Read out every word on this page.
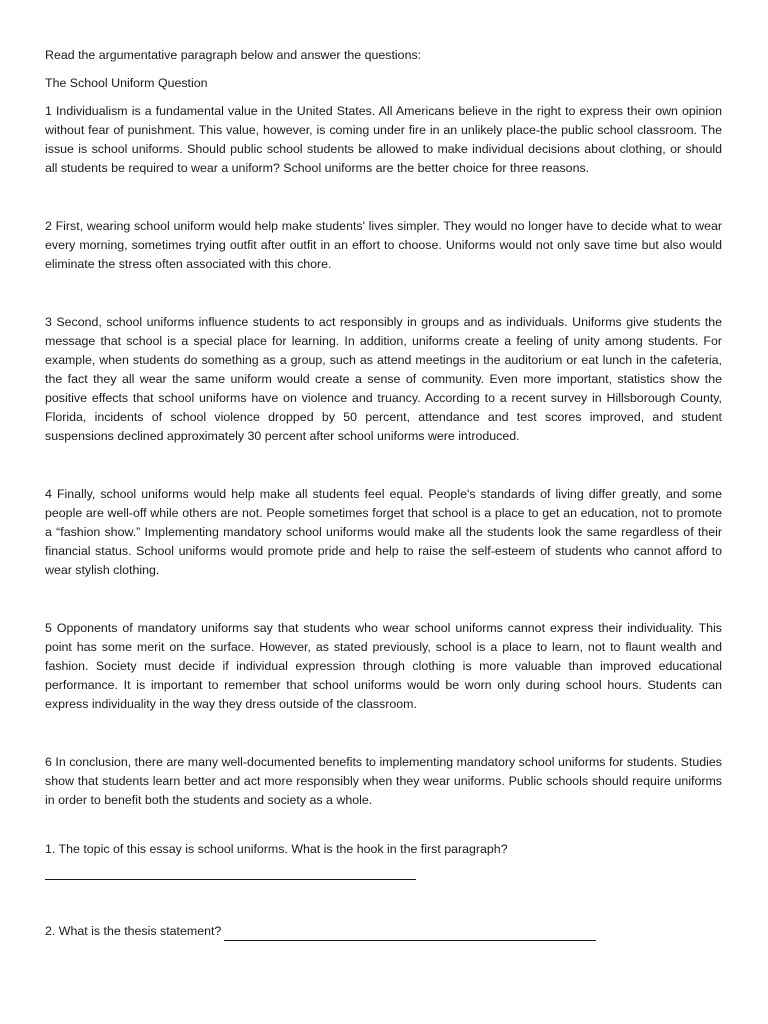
Read the argumentative paragraph below and answer the questions:

The School Uniform Question

1 Individualism is a fundamental value in the United States. All Americans believe in the right to express their own opinion without fear of punishment. This value, however, is coming under fire in an unlikely place-the public school classroom. The issue is school uniforms. Should public school students be allowed to make individual decisions about clothing, or should all students be required to wear a uniform? School uniforms are the better choice for three reasons.

2 First, wearing school uniform would help make students' lives simpler. They would no longer have to decide what to wear every morning, sometimes trying outfit after outfit in an effort to choose. Uniforms would not only save time but also would eliminate the stress often associated with this chore.

3 Second, school uniforms influence students to act responsibly in groups and as individuals. Uniforms give students the message that school is a special place for learning. In addition, uniforms create a feeling of unity among students. For example, when students do something as a group, such as attend meetings in the auditorium or eat lunch in the cafeteria, the fact they all wear the same uniform would create a sense of community. Even more important, statistics show the positive effects that school uniforms have on violence and truancy. According to a recent survey in Hillsborough County, Florida, incidents of school violence dropped by 50 percent, attendance and test scores improved, and student suspensions declined approximately 30 percent after school uniforms were introduced.

4 Finally, school uniforms would help make all students feel equal. People's standards of living differ greatly, and some people are well-off while others are not. People sometimes forget that school is a place to get an education, not to promote a “fashion show.” Implementing mandatory school uniforms would make all the students look the same regardless of their financial status. School uniforms would promote pride and help to raise the self-esteem of students who cannot afford to wear stylish clothing.

5 Opponents of mandatory uniforms say that students who wear school uniforms cannot express their individuality. This point has some merit on the surface. However, as stated previously, school is a place to learn, not to flaunt wealth and fashion. Society must decide if individual expression through clothing is more valuable than improved educational performance. It is important to remember that school uniforms would be worn only during school hours. Students can express individuality in the way they dress outside of the classroom.

6 In conclusion, there are many well-documented benefits to implementing mandatory school uniforms for students. Studies show that students learn better and act more responsibly when they wear uniforms. Public schools should require uniforms in order to benefit both the students and society as a whole.

1. The topic of this essay is school uniforms. What is the hook in the first paragraph?

2. What is the thesis statement?
